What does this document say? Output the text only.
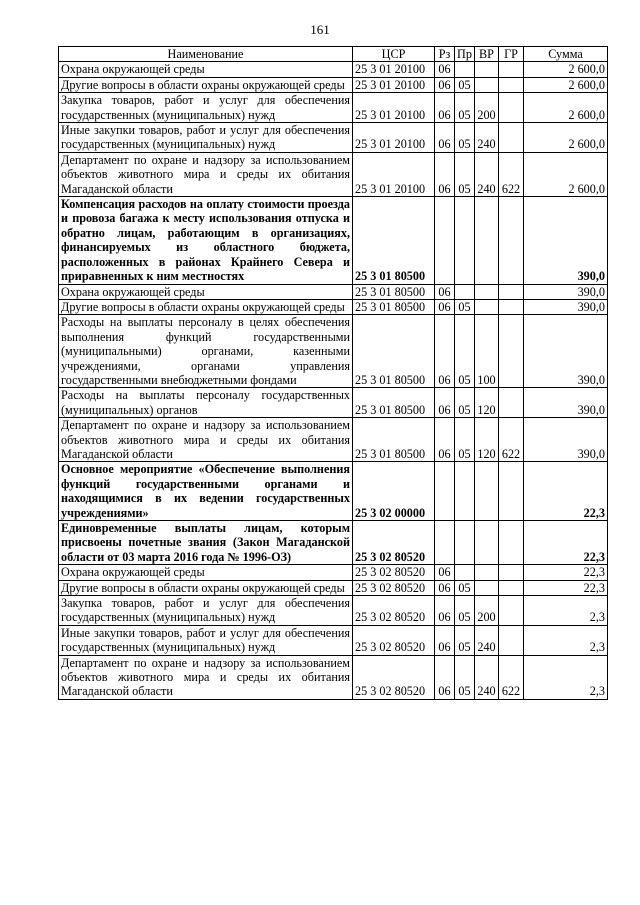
161
Наименование	ЦСР	Рз	Пр	ВР	ГР	Сумма
Охрана окружающей среды	25 3 01 20100	06				2 600,0
Другие вопросы в области охраны окружающей среды	25 3 01 20100	06	05			2 600,0
Закупка товаров, работ и услуг для обеспечения государственных (муниципальных) нужд	25 3 01 20100	06	05	200		2 600,0
Иные закупки товаров, работ и услуг для обеспечения государственных (муниципальных) нужд	25 3 01 20100	06	05	240		2 600,0
Департамент по охране и надзору за использованием объектов животного мира и среды их обитания Магаданской области	25 3 01 20100	06	05	240	622	2 600,0
Компенсация расходов на оплату стоимости проезда и провоза багажа к месту использования отпуска и обратно лицам, работающим в организациях, финансируемых из областного бюджета, расположенных в районах Крайнего Севера и приравненных к ним местностях	25 3 01 80500					390,0
Охрана окружающей среды	25 3 01 80500	06				390,0
Другие вопросы в области охраны окружающей среды	25 3 01 80500	06	05			390,0
Расходы на выплаты персоналу в целях обеспечения выполнения функций государственными (муниципальными) органами, казенными учреждениями, органами управления государственными внебюджетными фондами	25 3 01 80500	06	05	100		390,0
Расходы на выплаты персоналу государственных (муниципальных) органов	25 3 01 80500	06	05	120		390,0
Департамент по охране и надзору за использованием объектов животного мира и среды их обитания Магаданской области	25 3 01 80500	06	05	120	622	390,0
Основное мероприятие «Обеспечение выполнения функций государственными органами и находящимися в их ведении государственных учреждениями»	25 3 02 00000					22,3
Единовременные выплаты лицам, которым присвоены почетные звания (Закон Магаданской области от 03 марта 2016 года № 1996-ОЗ)	25 3 02 80520					22,3
Охрана окружающей среды	25 3 02 80520	06				22,3
Другие вопросы в области охраны окружающей среды	25 3 02 80520	06	05			22,3
Закупка товаров, работ и услуг для обеспечения государственных (муниципальных) нужд	25 3 02 80520	06	05	200		2,3
Иные закупки товаров, работ и услуг для обеспечения государственных (муниципальных) нужд	25 3 02 80520	06	05	240		2,3
Департамент по охране и надзору за использованием объектов животного мира и среды их обитания Магаданской области	25 3 02 80520	06	05	240	622	2,3
